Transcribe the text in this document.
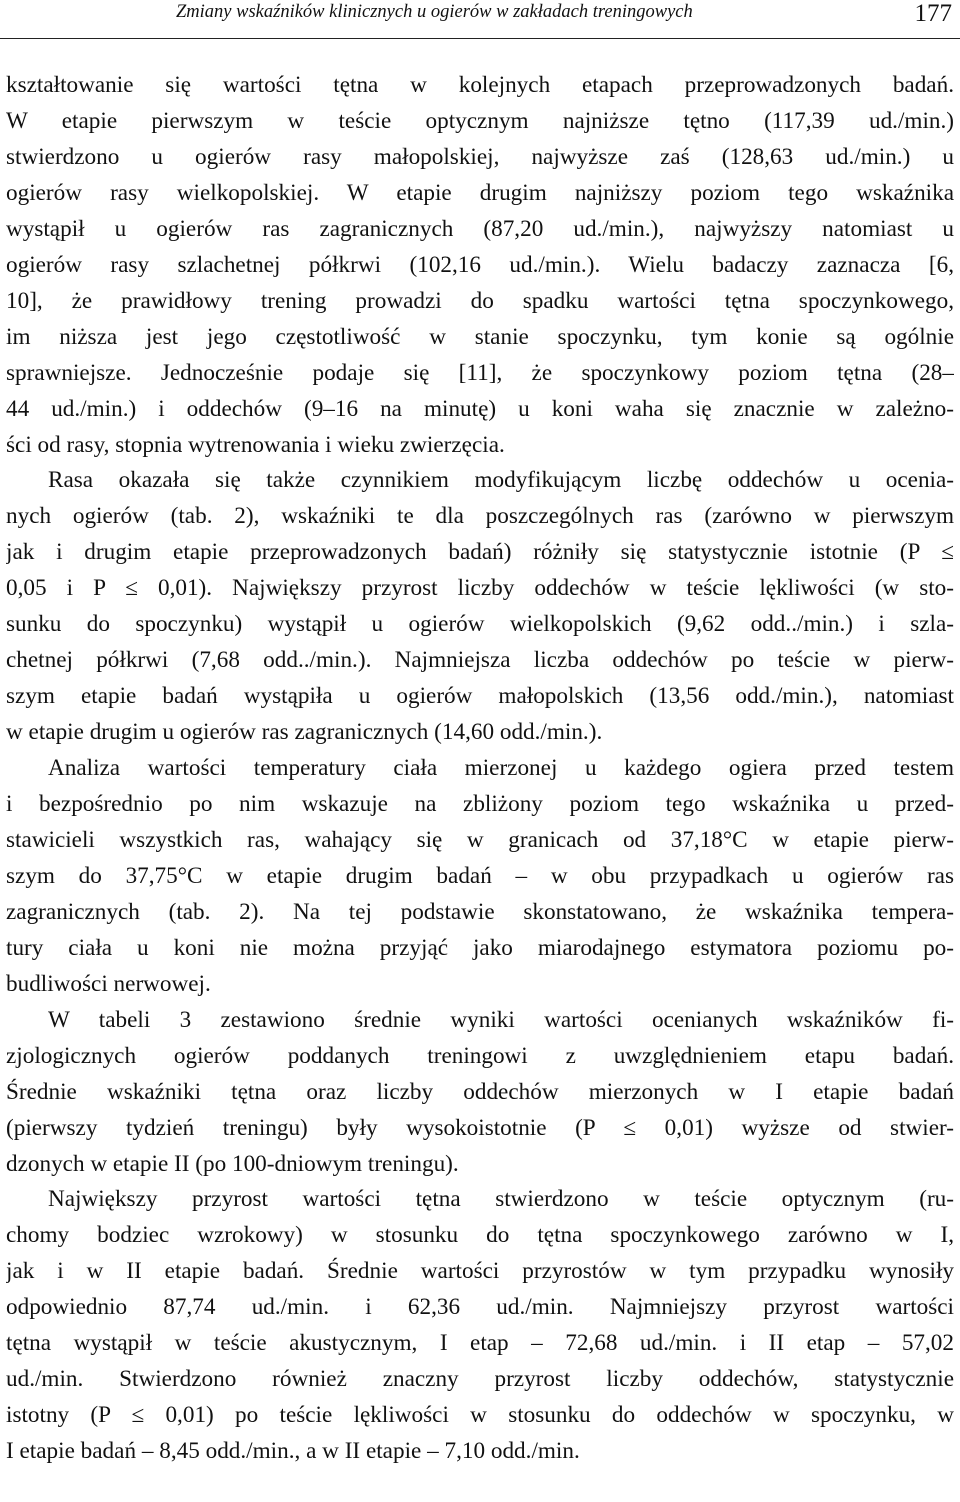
Zmiany wskaźników klinicznych u ogierów w zakładach treningowych	177
kształtowanie się wartości tętna w kolejnych etapach przeprowadzonych badań.
W etapie pierwszym w teście optycznym najniższe tętno (117,39 ud./min.)
stwierdzono u ogierów rasy małopolskiej, najwyższe zaś (128,63 ud./min.) u
ogierów rasy wielkopolskiej. W etapie drugim najniższy poziom tego wskaźnika
wystąpił u ogierów ras zagranicznych (87,20 ud./min.), najwyższy natomiast u
ogierów rasy szlachetnej półkrwi (102,16 ud./min.). Wielu badaczy zaznacza [6,
10], że prawidłowy trening prowadzi do spadku wartości tętna spoczynkowego,
im niższa jest jego częstotliwość w stanie spoczynku, tym konie są ogólnie
sprawniejsze. Jednocześnie podaje się [11], że spoczynkowy poziom tętna (28–
44 ud./min.) i oddechów (9–16 na minutę) u koni waha się znacznie w zależno-
ści od rasy, stopnia wytrenowania i wieku zwierzęcia.
Rasa okazała się także czynnikiem modyfikującym liczbę oddechów u ocenia-
nych ogierów (tab. 2), wskaźniki te dla poszczególnych ras (zarówno w pierwszym
jak i drugim etapie przeprowadzonych badań) różniły się statystycznie istotnie (P ≤
0,05 i P ≤ 0,01). Największy przyrost liczby oddechów w teście lękliwości (w sto-
sunku do spoczynku) wystąpił u ogierów wielkopolskich (9,62 odd../min.) i szla-
chetnej półkrwi (7,68 odd../min.). Najmniejsza liczba oddechów po teście w pierw-
szym etapie badań wystąpiła u ogierów małopolskich (13,56 odd./min.), natomiast
w etapie drugim u ogierów ras zagranicznych (14,60 odd./min.).
Analiza wartości temperatury ciała mierzonej u każdego ogiera przed testem
i bezpośrednio po nim wskazuje na zbliżony poziom tego wskaźnika u przed-
stawicieli wszystkich ras, wahający się w granicach od 37,18°C w etapie pierw-
szym do 37,75°C w etapie drugim badań – w obu przypadkach u ogierów ras
zagranicznych (tab. 2). Na tej podstawie skonstatowano, że wskaźnika tempera-
tury ciała u koni nie można przyjąć jako miarodajnego estymatora poziomu po-
budliwości nerwowej.
W tabeli 3 zestawiono średnie wyniki wartości ocenianych wskaźników fi-
zjologicznych ogierów poddanych treningowi z uwzględnieniem etapu badań.
Średnie wskaźniki tętna oraz liczby oddechów mierzonych w I etapie badań
(pierwszy tydzień treningu) były wysokoistotnie (P ≤ 0,01) wyższe od stwier-
dzonych w etapie II (po 100-dniowym treningu).
Największy przyrost wartości tętna stwierdzono w teście optycznym (ru-
chomy bodziec wzrokowy) w stosunku do tętna spoczynkowego zarówno w I,
jak i w II etapie badań. Średnie wartości przyrostów w tym przypadku wynosiły
odpowiednio 87,74 ud./min. i 62,36 ud./min. Najmniejszy przyrost wartości
tętna wystąpił w teście akustycznym, I etap – 72,68 ud./min. i II etap – 57,02
ud./min. Stwierdzono również znaczny przyrost liczby oddechów, statystycznie
istotny (P ≤ 0,01) po teście lękliwości w stosunku do oddechów w spoczynku, w
I etapie badań – 8,45 odd./min., a w II etapie – 7,10 odd./min.
